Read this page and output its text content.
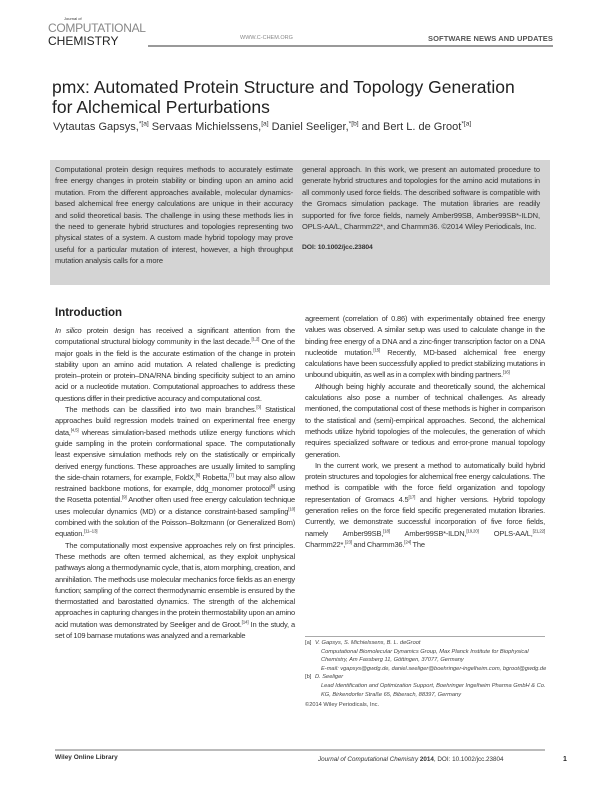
Journal of
COMPUTATIONAL
CHEMISTRY	WWW.C-CHEM.ORG	SOFTWARE NEWS AND UPDATES
pmx: Automated Protein Structure and Topology Generation for Alchemical Perturbations
Vytautas Gapsys,$^{*[a]}$ Servaas Michielssens,[a] Daniel Seeliger,$^{*[b]}$ and Bert L. de Groot$^{*[a]}$
Computational protein design requires methods to accurately estimate free energy changes in protein stability or binding upon an amino acid mutation. From the different approaches available, molecular dynamics-based alchemical free energy calculations are unique in their accuracy and solid theoretical basis. The challenge in using these methods lies in the need to generate hybrid structures and topologies representing two physical states of a system. A custom made hybrid topology may prove useful for a particular mutation of interest, however, a high throughput mutation analysis calls for a more
general approach. In this work, we present an automated procedure to generate hybrid structures and topologies for the amino acid mutations in all commonly used force fields. The described software is compatible with the Gromacs simulation package. The mutation libraries are readily supported for five force fields, namely Amber99SB, Amber99SB*-ILDN, OPLS-AA/L, Charmm22*, and Charmm36. ©2014 Wiley Periodicals, Inc.
DOI: 10.1002/jcc.23804
Introduction

In silico protein design has received a significant attention from the computational structural biology community in the last decade.[1,2] One of the major goals in the field is the accurate estimation of the change in protein stability upon an amino acid mutation. A related challenge is predicting protein–protein or protein–DNA/RNA binding specificity subject to an amino acid or a nucleotide mutation. Computational approaches to address these questions differ in their predictive accuracy and computational cost.

The methods can be classified into two main branches.[3] Statistical approaches build regression models trained on experimental free energy data,[4,5] whereas simulation-based methods utilize energy functions which guide sampling in the protein conformational space. The computationally least expensive simulation methods rely on the statistically or empirically derived energy functions. These approaches are usually limited to sampling the side-chain rotamers, for example, FoldX,[6] Robetta,[7] but may also allow restrained backbone motions, for example, ddg_monomer protocol[8] using the Rosetta potential.[9] Another often used free energy calculation technique uses molecular dynamics (MD) or a distance constraint-based sampling[10] combined with the solution of the Poisson–Boltzmann (or Generalized Born) equation.[11–13]

The computationally most expensive approaches rely on first principles. These methods are often termed alchemical, as they exploit unphysical pathways along a thermodynamic cycle, that is, atom morphing, creation, and annihilation. The methods use molecular mechanics force fields as an energy function; sampling of the correct thermodynamic ensemble is ensured by the thermostatted and barostatted dynamics. The strength of the alchemical approaches in capturing changes in the protein thermostability upon an amino acid mutation was demonstrated by Seeliger and de Groot.[14] In the study, a set of 109 barnase mutations was analyzed and a remarkable

agreement (correlation of 0.86) with experimentally obtained free energy values was observed. A similar setup was used to calculate change in the binding free energy of a DNA and a zinc-finger transcription factor on a DNA nucleotide mutation.[15] Recently, MD-based alchemical free energy calculations have been successfully applied to predict stabilizing mutations in unbound ubiquitin, as well as in a complex with binding partners.[16]

Although being highly accurate and theoretically sound, the alchemical calculations also pose a number of technical challenges. As already mentioned, the computational cost of these methods is higher in comparison to the statistical and (semi)-empirical approaches. Second, the alchemical methods utilize hybrid topologies of the molecules, the generation of which requires specialized software or tedious and error-prone manual topology generation.

In the current work, we present a method to automatically build hybrid protein structures and topologies for alchemical free energy calculations. The method is compatible with the force field organization and topology representation of Gromacs 4.5[17] and higher versions. Hybrid topology generation relies on the force field specific pregenerated mutation libraries. Currently, we demonstrate successful incorporation of five force fields, namely Amber99SB,[18] Amber99SB*-ILDN,[19,20] OPLS-AA/L,[21,22] Charmm22*,[23] and Charmm36.[24] The

[a] V. Gapsys, S. Michielssens, B. L. deGroot
Computational Biomolecular Dynamics Group, Max Planck Institute for Biophysical Chemistry, Am Fassberg 11, Göttingen, 37077, Germany
E-mail: vgapsys@gwdg.de, daniel.seeliger@boehringer-ingelheim.com, bgroot@gwdg.de
[b] D. Seeliger
Lead Identification and Optimization Support, Boehringer Ingelheim Pharma GmbH & Co. KG, Birkendorfer Straße 65, Biberach, 88397, Germany
©2014 Wiley Periodicals, Inc.
Wiley Online Library	Journal of Computational Chemistry 2014, DOI: 10.1002/jcc.23804	1
